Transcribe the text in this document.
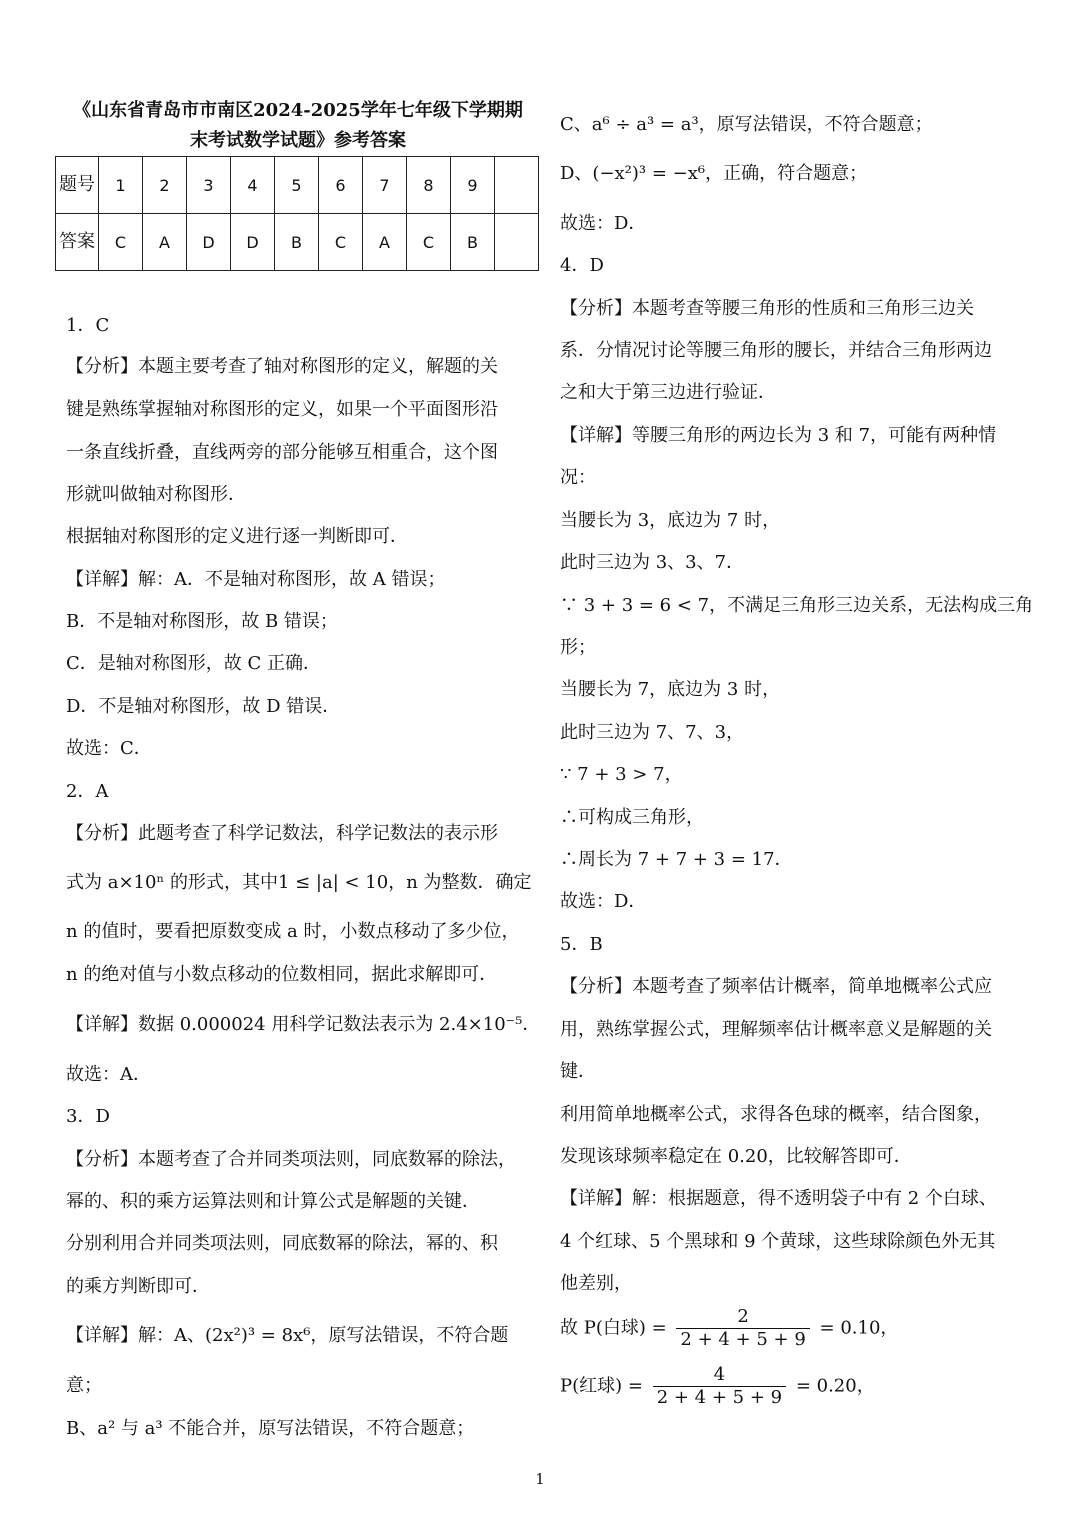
《山东省青岛市市南区2024-2025学年七年级下学期期
末考试数学试题》参考答案
题号	1	2	3	4	5	6	7	8	9	
答案	C	A	D	D	B	C	A	C	B	
1．C
【分析】本题主要考查了轴对称图形的定义，解题的关
键是熟练掌握轴对称图形的定义，如果一个平面图形沿
一条直线折叠，直线两旁的部分能够互相重合，这个图
形就叫做轴对称图形．
根据轴对称图形的定义进行逐一判断即可．
【详解】解：A．不是轴对称图形，故 A 错误；
B．不是轴对称图形，故 B 错误；
C．是轴对称图形，故 C 正确．
D．不是轴对称图形，故 D 错误．
故选：C．
2．A
【分析】此题考查了科学记数法，科学记数法的表示形
式为 a×10ⁿ 的形式，其中1 ≤ |a| < 10，n 为整数．确定
n 的值时，要看把原数变成 a 时，小数点移动了多少位，
n 的绝对值与小数点移动的位数相同，据此求解即可．
【详解】数据 0.000024 用科学记数法表示为 2.4×10⁻⁵．
故选：A．
3．D
【分析】本题考查了合并同类项法则，同底数幂的除法，
幂的、积的乘方运算法则和计算公式是解题的关键．
分别利用合并同类项法则，同底数幂的除法，幂的、积
的乘方判断即可．
【详解】解：A、(2x²)³ = 8x⁶，原写法错误，不符合题
意；
B、a² 与 a³ 不能合并，原写法错误，不符合题意；
C、a⁶ ÷ a³ = a³，原写法错误，不符合题意；
D、(−x²)³ = −x⁶，正确，符合题意；
故选：D．
4．D
【分析】本题考查等腰三角形的性质和三角形三边关
系．分情况讨论等腰三角形的腰长，并结合三角形两边
之和大于第三边进行验证．
【详解】等腰三角形的两边长为 3 和 7，可能有两种情
况：
当腰长为 3，底边为 7 时，
此时三边为 3、3、7．
∵ 3 + 3 = 6 < 7，不满足三角形三边关系，无法构成三角
形；
当腰长为 7，底边为 3 时，
此时三边为 7、7、3，
∵ 7 + 3 > 7，
∴可构成三角形，
∴周长为 7 + 7 + 3 = 17．
故选：D．
5．B
【分析】本题考查了频率估计概率，简单地概率公式应
用，熟练掌握公式，理解频率估计概率意义是解题的关
键．
利用简单地概率公式，求得各色球的概率，结合图象，
发现该球频率稳定在 0.20，比较解答即可．
【详解】解：根据题意，得不透明袋子中有 2 个白球、
4 个红球、5 个黑球和 9 个黄球，这些球除颜色外无其
他差别，
故 P(白球) = $\frac{2}{2 + 4 + 5 + 9} = 0.10$，
P(红球) = $\frac{4}{2 + 4 + 5 + 9} = 0.20$，
1
